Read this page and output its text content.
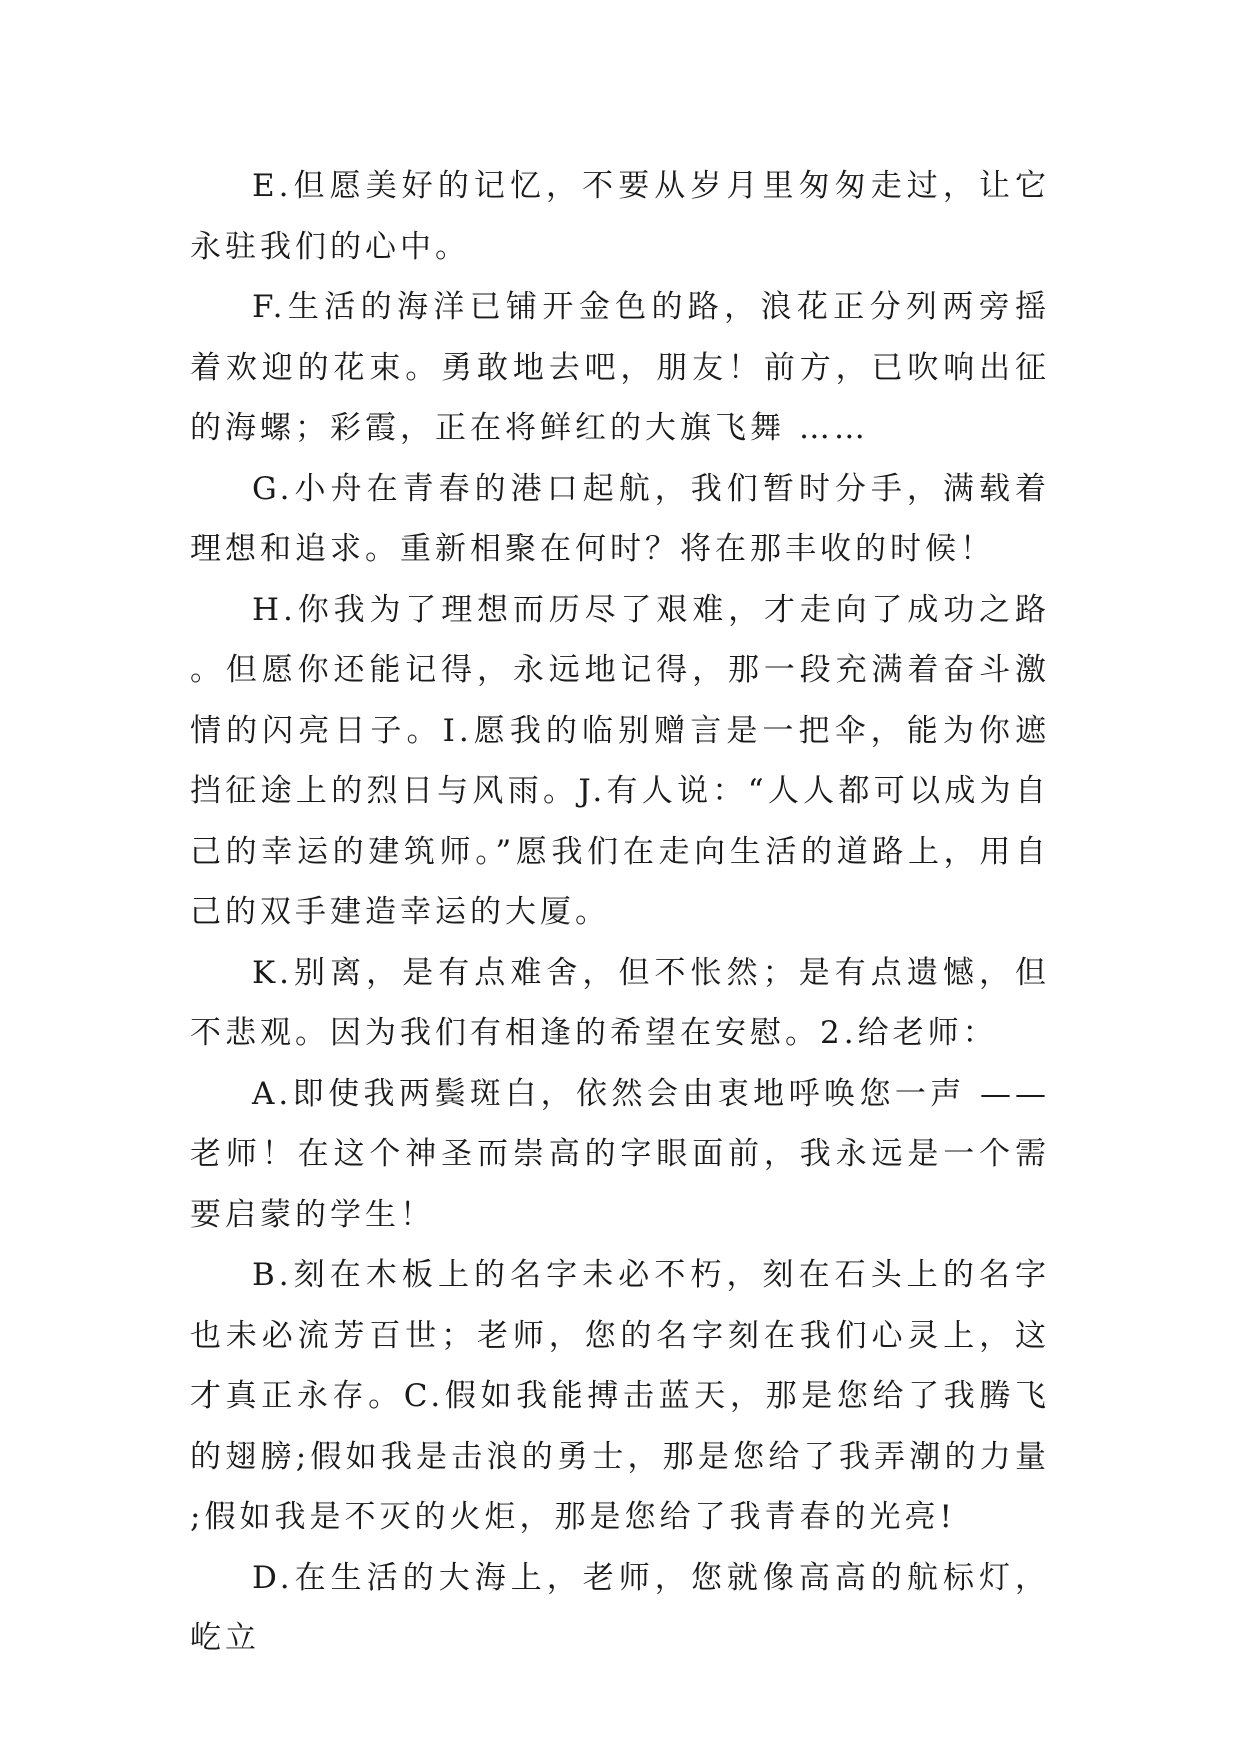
E.但愿美好的记忆，不要从岁月里匆匆走过，让它永驻我们的心中。

F.生活的海洋已铺开金色的路，浪花正分列两旁摇着欢迎的花束。勇敢地去吧，朋友！前方，已吹响出征的海螺；彩霞，正在将鲜红的大旗飞舞 ……

G.小舟在青春的港口起航，我们暂时分手，满载着理想和追求。重新相聚在何时？将在那丰收的时候！

H.你我为了理想而历尽了艰难，才走向了成功之路。但愿你还能记得，永远地记得，那一段充满着奋斗激情的闪亮日子。I.愿我的临别赠言是一把伞，能为你遮挡征途上的烈日与风雨。J.有人说：“人人都可以成为自己的幸运的建筑师。”愿我们在走向生活的道路上，用自己的双手建造幸运的大厦。

K.别离，是有点难舍，但不怅然；是有点遗憾，但不悲观。因为我们有相逢的希望在安慰。2.给老师：

A.即使我两鬓斑白，依然会由衷地呼唤您一声 —— 老师！在这个神圣而崇高的字眼面前，我永远是一个需要启蒙的学生！

B.刻在木板上的名字未必不朽，刻在石头上的名字也未必流芳百世；老师，您的名字刻在我们心灵上，这才真正永存。C.假如我能搏击蓝天，那是您给了我腾飞的翅膀;假如我是击浪的勇士，那是您给了我弄潮的力量;假如我是不灭的火炬，那是您给了我青春的光亮!

D.在生活的大海上，老师，您就像高高的航标灯，屹立
